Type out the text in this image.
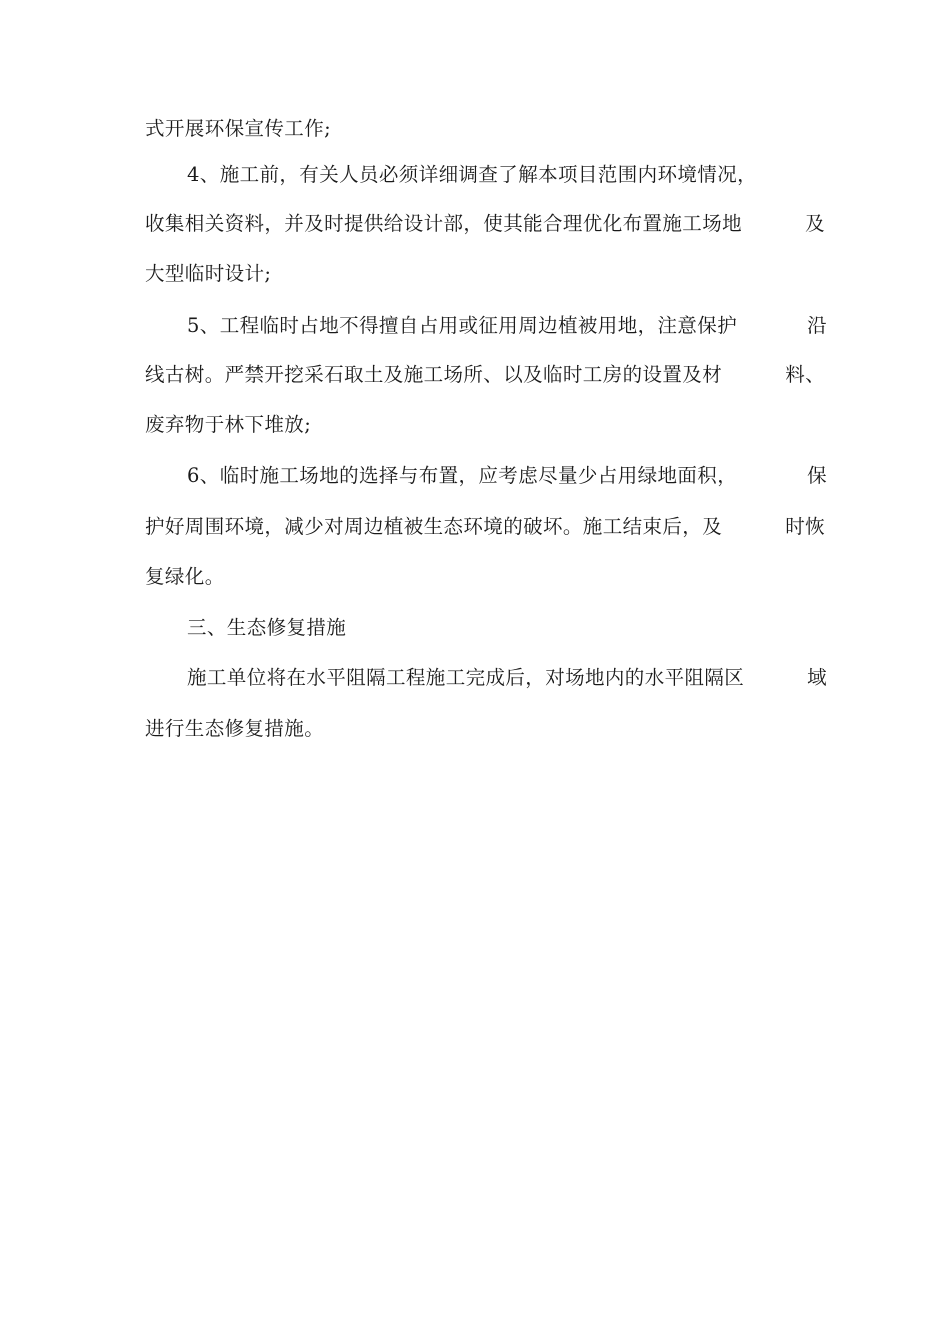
式开展环保宣传工作;
4、施工前，有关人员必须详细调查了解本项目范围内环境情况，
收集相关资料，并及时提供给设计部，使其能合理优化布置施工场地	及
大型临时设计;
5、工程临时占地不得擅自占用或征用周边植被用地，注意保护	沿
线古树。严禁开挖采石取土及施工场所、以及临时工房的设置及材	料、
废弃物于林下堆放;
6、临时施工场地的选择与布置，应考虑尽量少占用绿地面积，	保
护好周围环境，减少对周边植被生态环境的破坏。施工结束后，及	时恢
复绿化。
三、生态修复措施
施工单位将在水平阻隔工程施工完成后，对场地内的水平阻隔区	域
进行生态修复措施。
